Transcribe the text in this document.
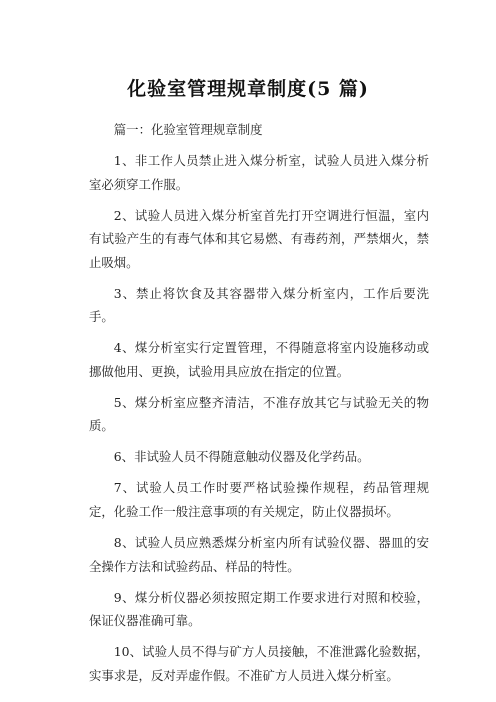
化验室管理规章制度(5 篇)

篇一：化验室管理规章制度

1、非工作人员禁止进入煤分析室，试验人员进入煤分析室必须穿工作服。

2、试验人员进入煤分析室首先打开空调进行恒温，室内有试验产生的有毒气体和其它易燃、有毒药剂，严禁烟火，禁止吸烟。

3、禁止将饮食及其容器带入煤分析室内，工作后要洗手。

4、煤分析室实行定置管理，不得随意将室内设施移动或挪做他用、更换，试验用具应放在指定的位置。

5、煤分析室应整齐清洁，不准存放其它与试验无关的物质。

6、非试验人员不得随意触动仪器及化学药品。

7、试验人员工作时要严格试验操作规程，药品管理规定，化验工作一般注意事项的有关规定，防止仪器损坏。

8、试验人员应熟悉煤分析室内所有试验仪器、器皿的安全操作方法和试验药品、样品的特性。

9、煤分析仪器必须按照定期工作要求进行对照和校验，保证仪器准确可靠。

10、试验人员不得与矿方人员接触，不准泄露化验数据，实事求是，反对弄虚作假。不准矿方人员进入煤分析室。
